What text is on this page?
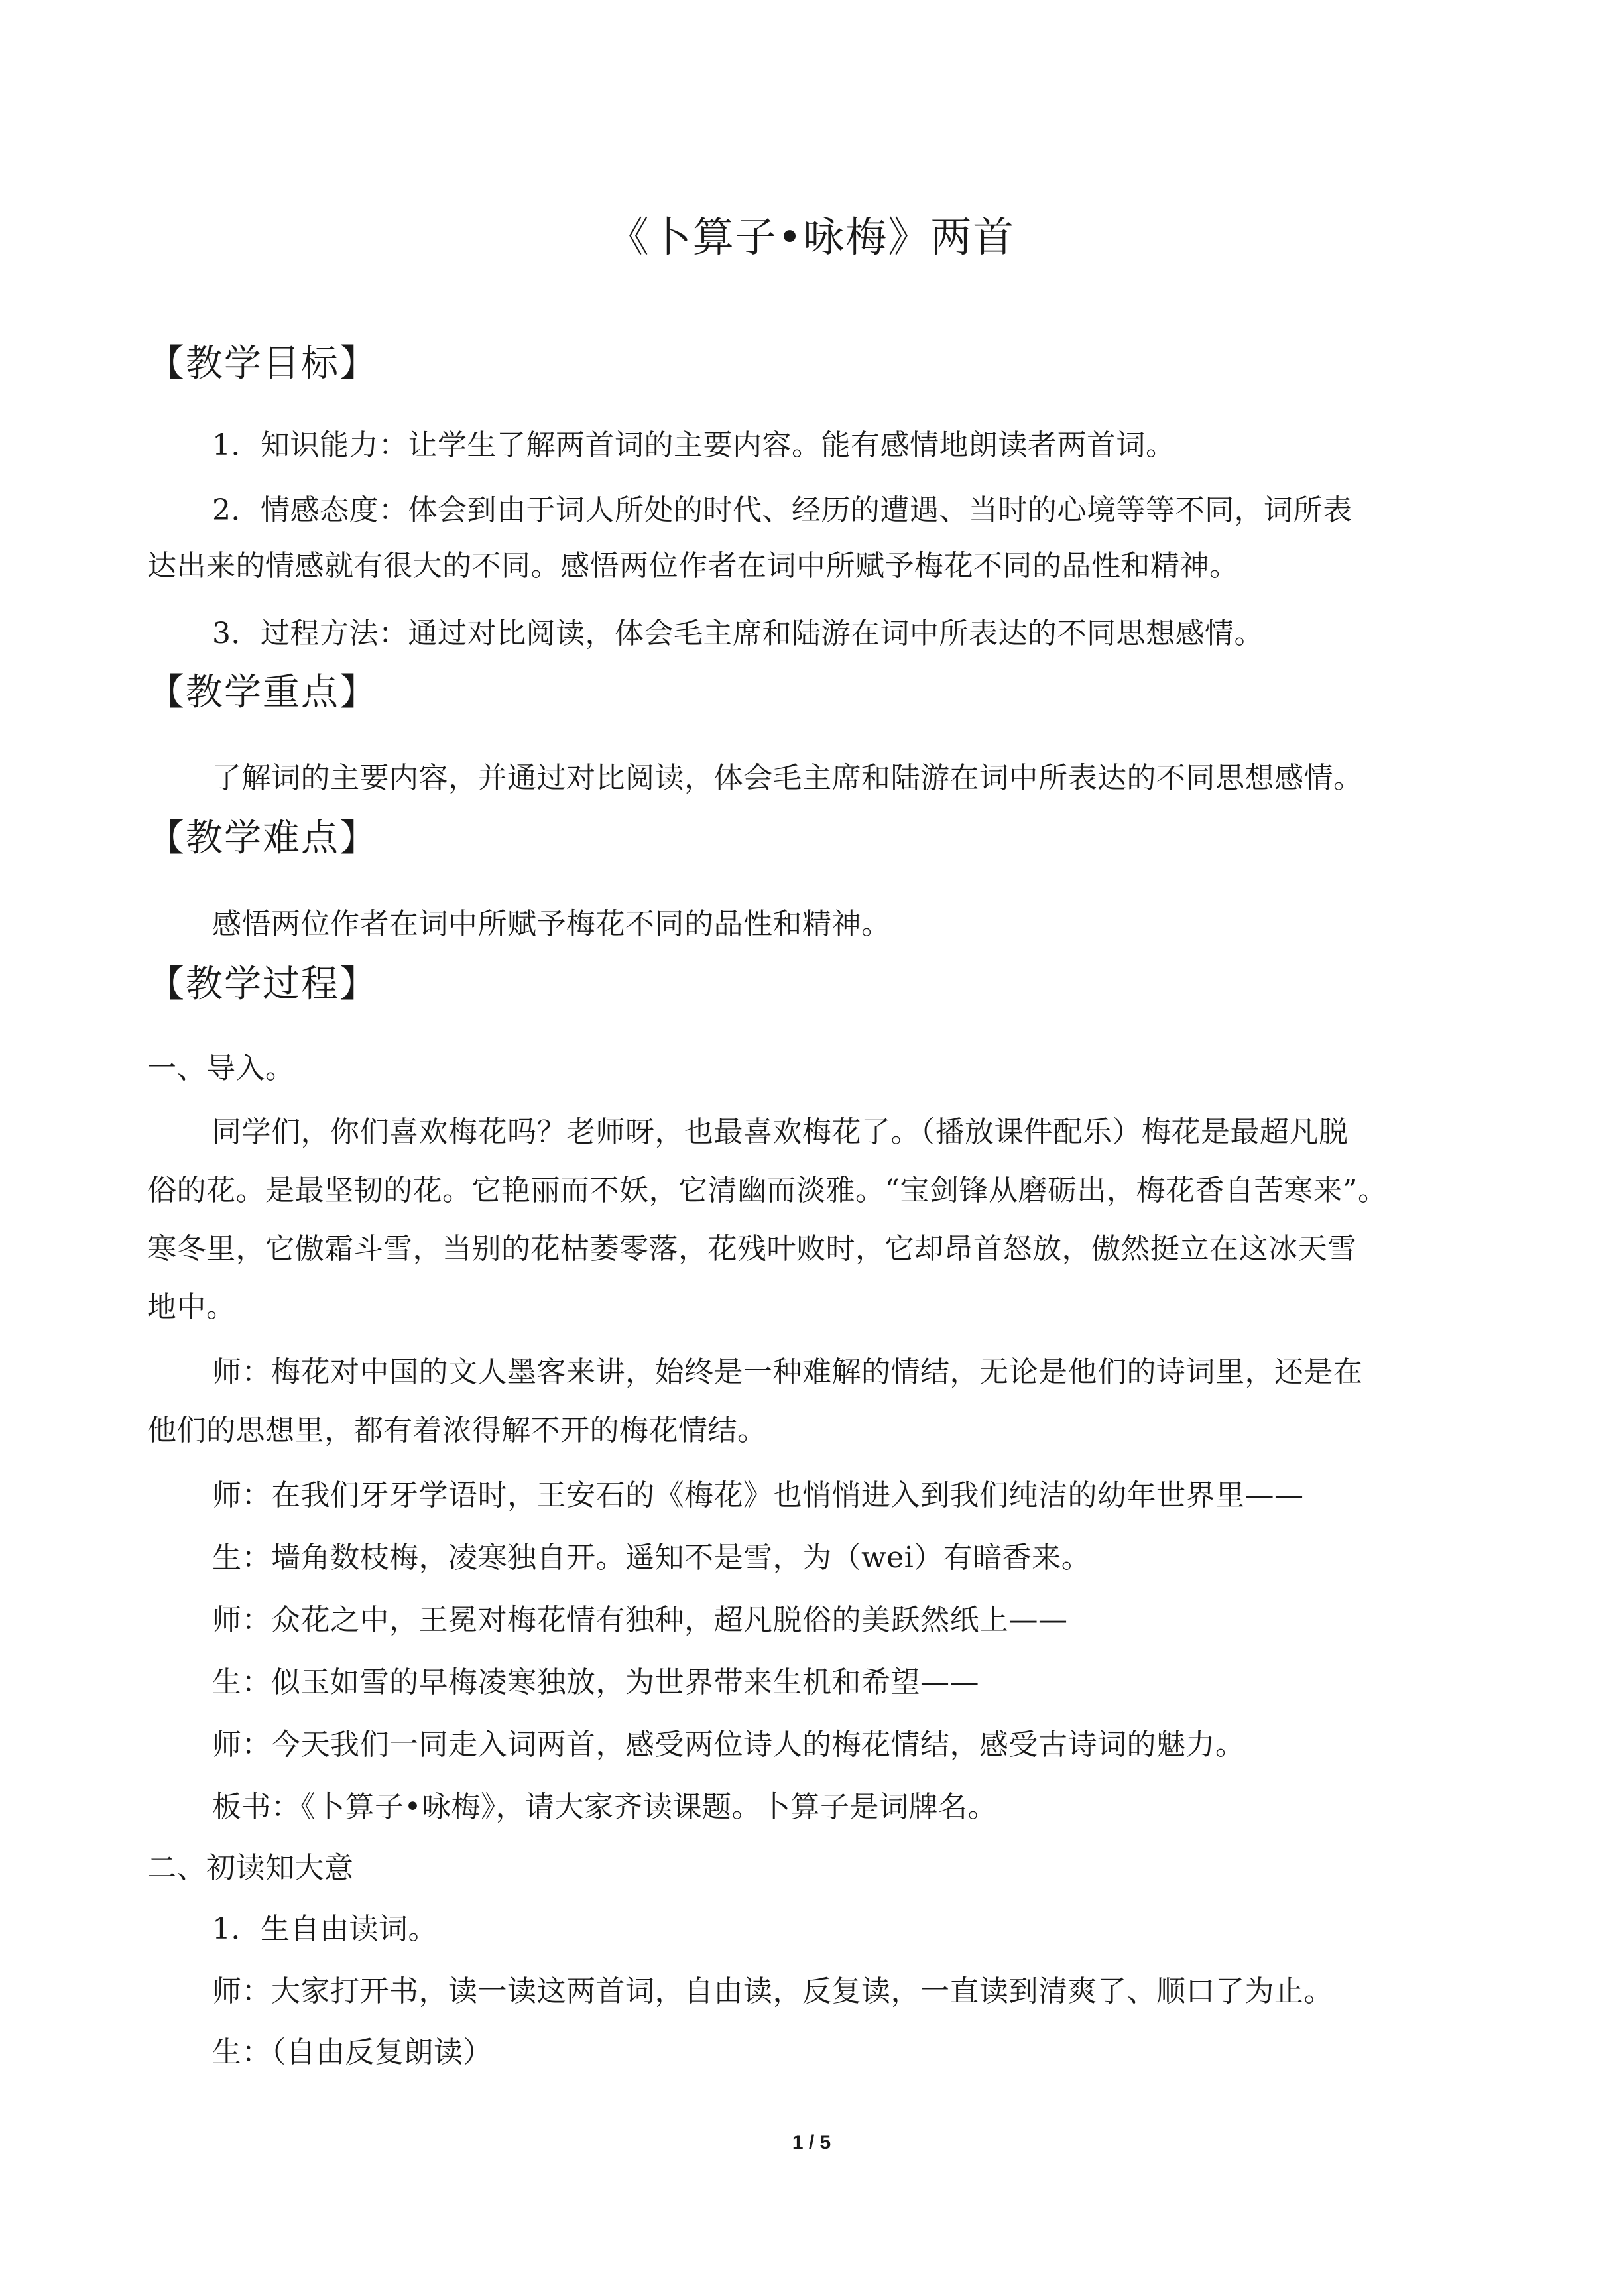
《卜算子•咏梅》两首
【教学目标】
1．知识能力：让学生了解两首词的主要内容。能有感情地朗读者两首词。
2．情感态度：体会到由于词人所处的时代、经历的遭遇、当时的心境等等不同，词所表
达出来的情感就有很大的不同。感悟两位作者在词中所赋予梅花不同的品性和精神。
3．过程方法：通过对比阅读，体会毛主席和陆游在词中所表达的不同思想感情。
【教学重点】
了解词的主要内容，并通过对比阅读，体会毛主席和陆游在词中所表达的不同思想感情。
【教学难点】
感悟两位作者在词中所赋予梅花不同的品性和精神。
【教学过程】
一、导入。
同学们，你们喜欢梅花吗？老师呀，也最喜欢梅花了。（播放课件配乐）梅花是最超凡脱
俗的花。是最坚韧的花。它艳丽而不妖，它清幽而淡雅。“宝剑锋从磨砺出，梅花香自苦寒来”。
寒冬里，它傲霜斗雪，当别的花枯萎零落，花残叶败时，它却昂首怒放，傲然挺立在这冰天雪
地中。
师：梅花对中国的文人墨客来讲，始终是一种难解的情结，无论是他们的诗词里，还是在
他们的思想里，都有着浓得解不开的梅花情结。
师：在我们牙牙学语时，王安石的《梅花》也悄悄进入到我们纯洁的幼年世界里——
生：墙角数枝梅，凌寒独自开。遥知不是雪，为（wei）有暗香来。
师：众花之中，王冕对梅花情有独种，超凡脱俗的美跃然纸上——
生：似玉如雪的早梅凌寒独放，为世界带来生机和希望——
师：今天我们一同走入词两首，感受两位诗人的梅花情结，感受古诗词的魅力。
板书：《卜算子•咏梅》，请大家齐读课题。卜算子是词牌名。
二、初读知大意
1．生自由读词。
师：大家打开书，读一读这两首词，自由读，反复读，一直读到清爽了、顺口了为止。
生：（自由反复朗读）
1 / 5
